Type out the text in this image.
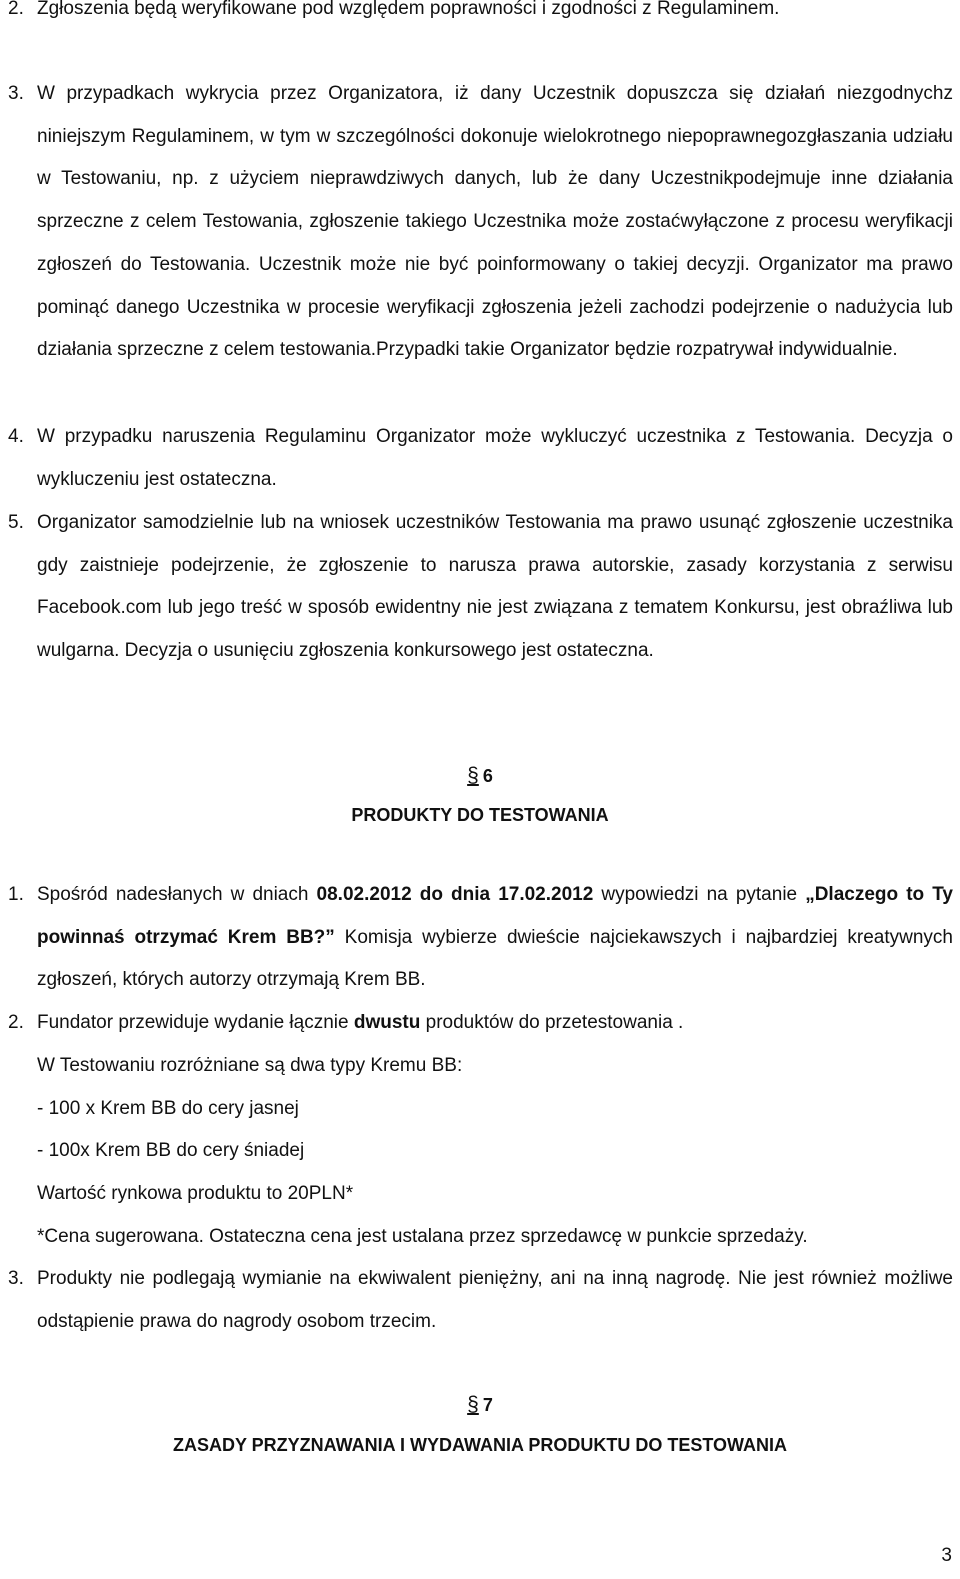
2. Zgłoszenia będą weryfikowane pod względem poprawności i zgodności z Regulaminem.
3. W przypadkach wykrycia przez Organizatora, iż dany Uczestnik dopuszcza się działań niezgodnychz niniejszym Regulaminem, w tym w szczególności dokonuje wielokrotnego niepoprawnegozgłaszania udziału w Testowaniu, np. z użyciem nieprawdziwych danych, lub że dany Uczestnikpodejmuje inne działania sprzeczne z celem Testowania, zgłoszenie takiego Uczestnika może zostaćwyłączone z procesu weryfikacji zgłoszeń do Testowania. Uczestnik może nie być poinformowany o takiej decyzji. Organizator ma prawo pominąć danego Uczestnika w procesie weryfikacji zgłoszenia jeżeli zachodzi podejrzenie o nadużycia lub działania sprzeczne z celem testowania.Przypadki takie Organizator będzie rozpatrywał indywidualnie.
4. W przypadku naruszenia Regulaminu Organizator może wykluczyć uczestnika z Testowania. Decyzja o wykluczeniu jest ostateczna.
5. Organizator samodzielnie lub na wniosek uczestników Testowania ma prawo usunąć zgłoszenie uczestnika gdy zaistnieje podejrzenie, że zgłoszenie to narusza prawa autorskie, zasady korzystania z serwisu Facebook.com lub jego treść w sposób ewidentny nie jest związana z tematem Konkursu, jest obraźliwa lub wulgarna. Decyzja o usunięciu zgłoszenia konkursowego jest ostateczna.
§ 6
PRODUKTY DO TESTOWANIA
1. Spośród nadesłanych w dniach 08.02.2012 do dnia 17.02.2012 wypowiedzi na pytanie „Dlaczego to Ty powinnaś otrzymać Krem BB?” Komisja wybierze dwieście najciekawszych i najbardziej kreatywnych zgłoszeń, których autorzy otrzymają Krem BB.
2. Fundator przewiduje wydanie łącznie dwustu produktów do przetestowania .
W Testowaniu rozróżniane są dwa typy Kremu BB:
- 100 x Krem BB do cery jasnej
- 100x Krem BB do cery śniadej
Wartość rynkowa produktu to 20PLN*
*Cena sugerowana. Ostateczna cena jest ustalana przez sprzedawcę w punkcie sprzedaży.
3. Produkty nie podlegają wymianie na ekwiwalent pieniężny, ani na inną nagrodę. Nie jest również możliwe odstąpienie prawa do nagrody osobom trzecim.
§ 7
ZASADY PRZYZNAWANIA I WYDAWANIA PRODUKTU DO TESTOWANIA
3
